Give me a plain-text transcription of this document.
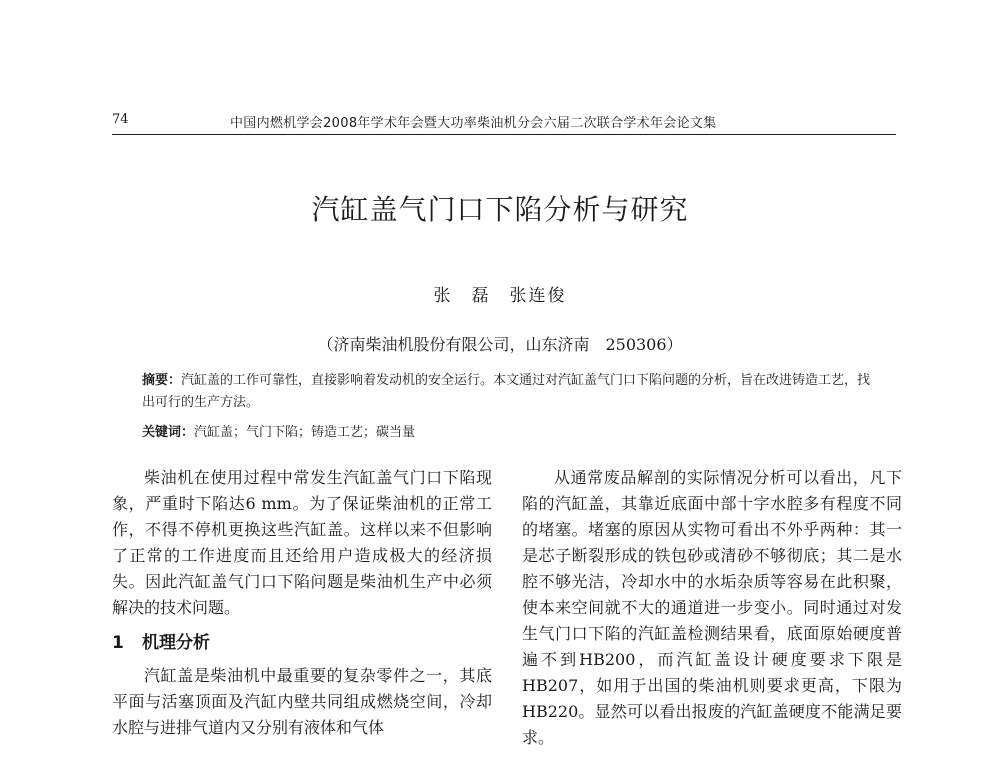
74	中国内燃机学会2008年学术年会暨大功率柴油机分会六届二次联合学术年会论文集
汽缸盖气门口下陷分析与研究
张　磊　张连俊
（济南柴油机股份有限公司，山东济南　250306）
摘要：汽缸盖的工作可靠性，直接影响着发动机的安全运行。本文通过对汽缸盖气门口下陷问题的分析，旨在改进铸造工艺，找出可行的生产方法。
关键词：汽缸盖；气门下陷；铸造工艺；碳当量

柴油机在使用过程中常发生汽缸盖气门口下陷现象，严重时下陷达6 mm。为了保证柴油机的正常工作，不得不停机更换这些汽缸盖。这样以来不但影响了正常的工作进度而且还给用户造成极大的经济损失。因此汽缸盖气门口下陷问题是柴油机生产中必须解决的技术问题。

1 机理分析

汽缸盖是柴油机中最重要的复杂零件之一，其底平面与活塞顶面及汽缸内壁共同组成燃烧空间，冷却水腔与进排气道内又分别有液体和气体

从通常废品解剖的实际情况分析可以看出，凡下陷的汽缸盖，其靠近底面中部十字水腔多有程度不同的堵塞。堵塞的原因从实物可看出不外乎两种：其一是芯子断裂形成的铁包砂或清砂不够彻底；其二是水腔不够光洁，冷却水中的水垢杂质等容易在此积聚，使本来空间就不大的通道进一步变小。同时通过对发生气门口下陷的汽缸盖检测结果看，底面原始硬度普遍不到HB200，而汽缸盖设计硬度要求下限是HB207，如用于出国的柴油机则要求更高，下限为HB220。显然可以看出报废的汽缸盖硬度不能满足要求。
